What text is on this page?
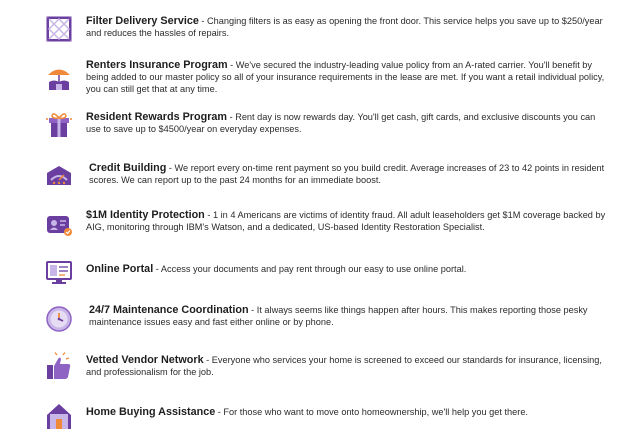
Filter Delivery Service - Changing filters is as easy as opening the front door. This service helps you save up to $250/year and reduces the hassles of repairs.
Renters Insurance Program - We've secured the industry-leading value policy from an A-rated carrier. You'll benefit by being added to our master policy so all of your insurance requirements in the lease are met. If you want a retail individual policy, you can still get that at any time.
Resident Rewards Program - Rent day is now rewards day. You'll get cash, gift cards, and exclusive discounts you can use to save up to $4500/year on everyday expenses.
Credit Building - We report every on-time rent payment so you build credit. Average increases of 23 to 42 points in resident scores. We can report up to the past 24 months for an immediate boost.
$1M Identity Protection - 1 in 4 Americans are victims of identity fraud. All adult leaseholders get $1M coverage backed by AIG, monitoring through IBM's Watson, and a dedicated, US-based Identity Restoration Specialist.
Online Portal - Access your documents and pay rent through our easy to use online portal.
24/7 Maintenance Coordination - It always seems like things happen after hours. This makes reporting those pesky maintenance issues easy and fast either online or by phone.
Vetted Vendor Network - Everyone who services your home is screened to exceed our standards for insurance, licensing, and professionalism for the job.
Home Buying Assistance - For those who want to move onto homeownership, we'll help you get there.
